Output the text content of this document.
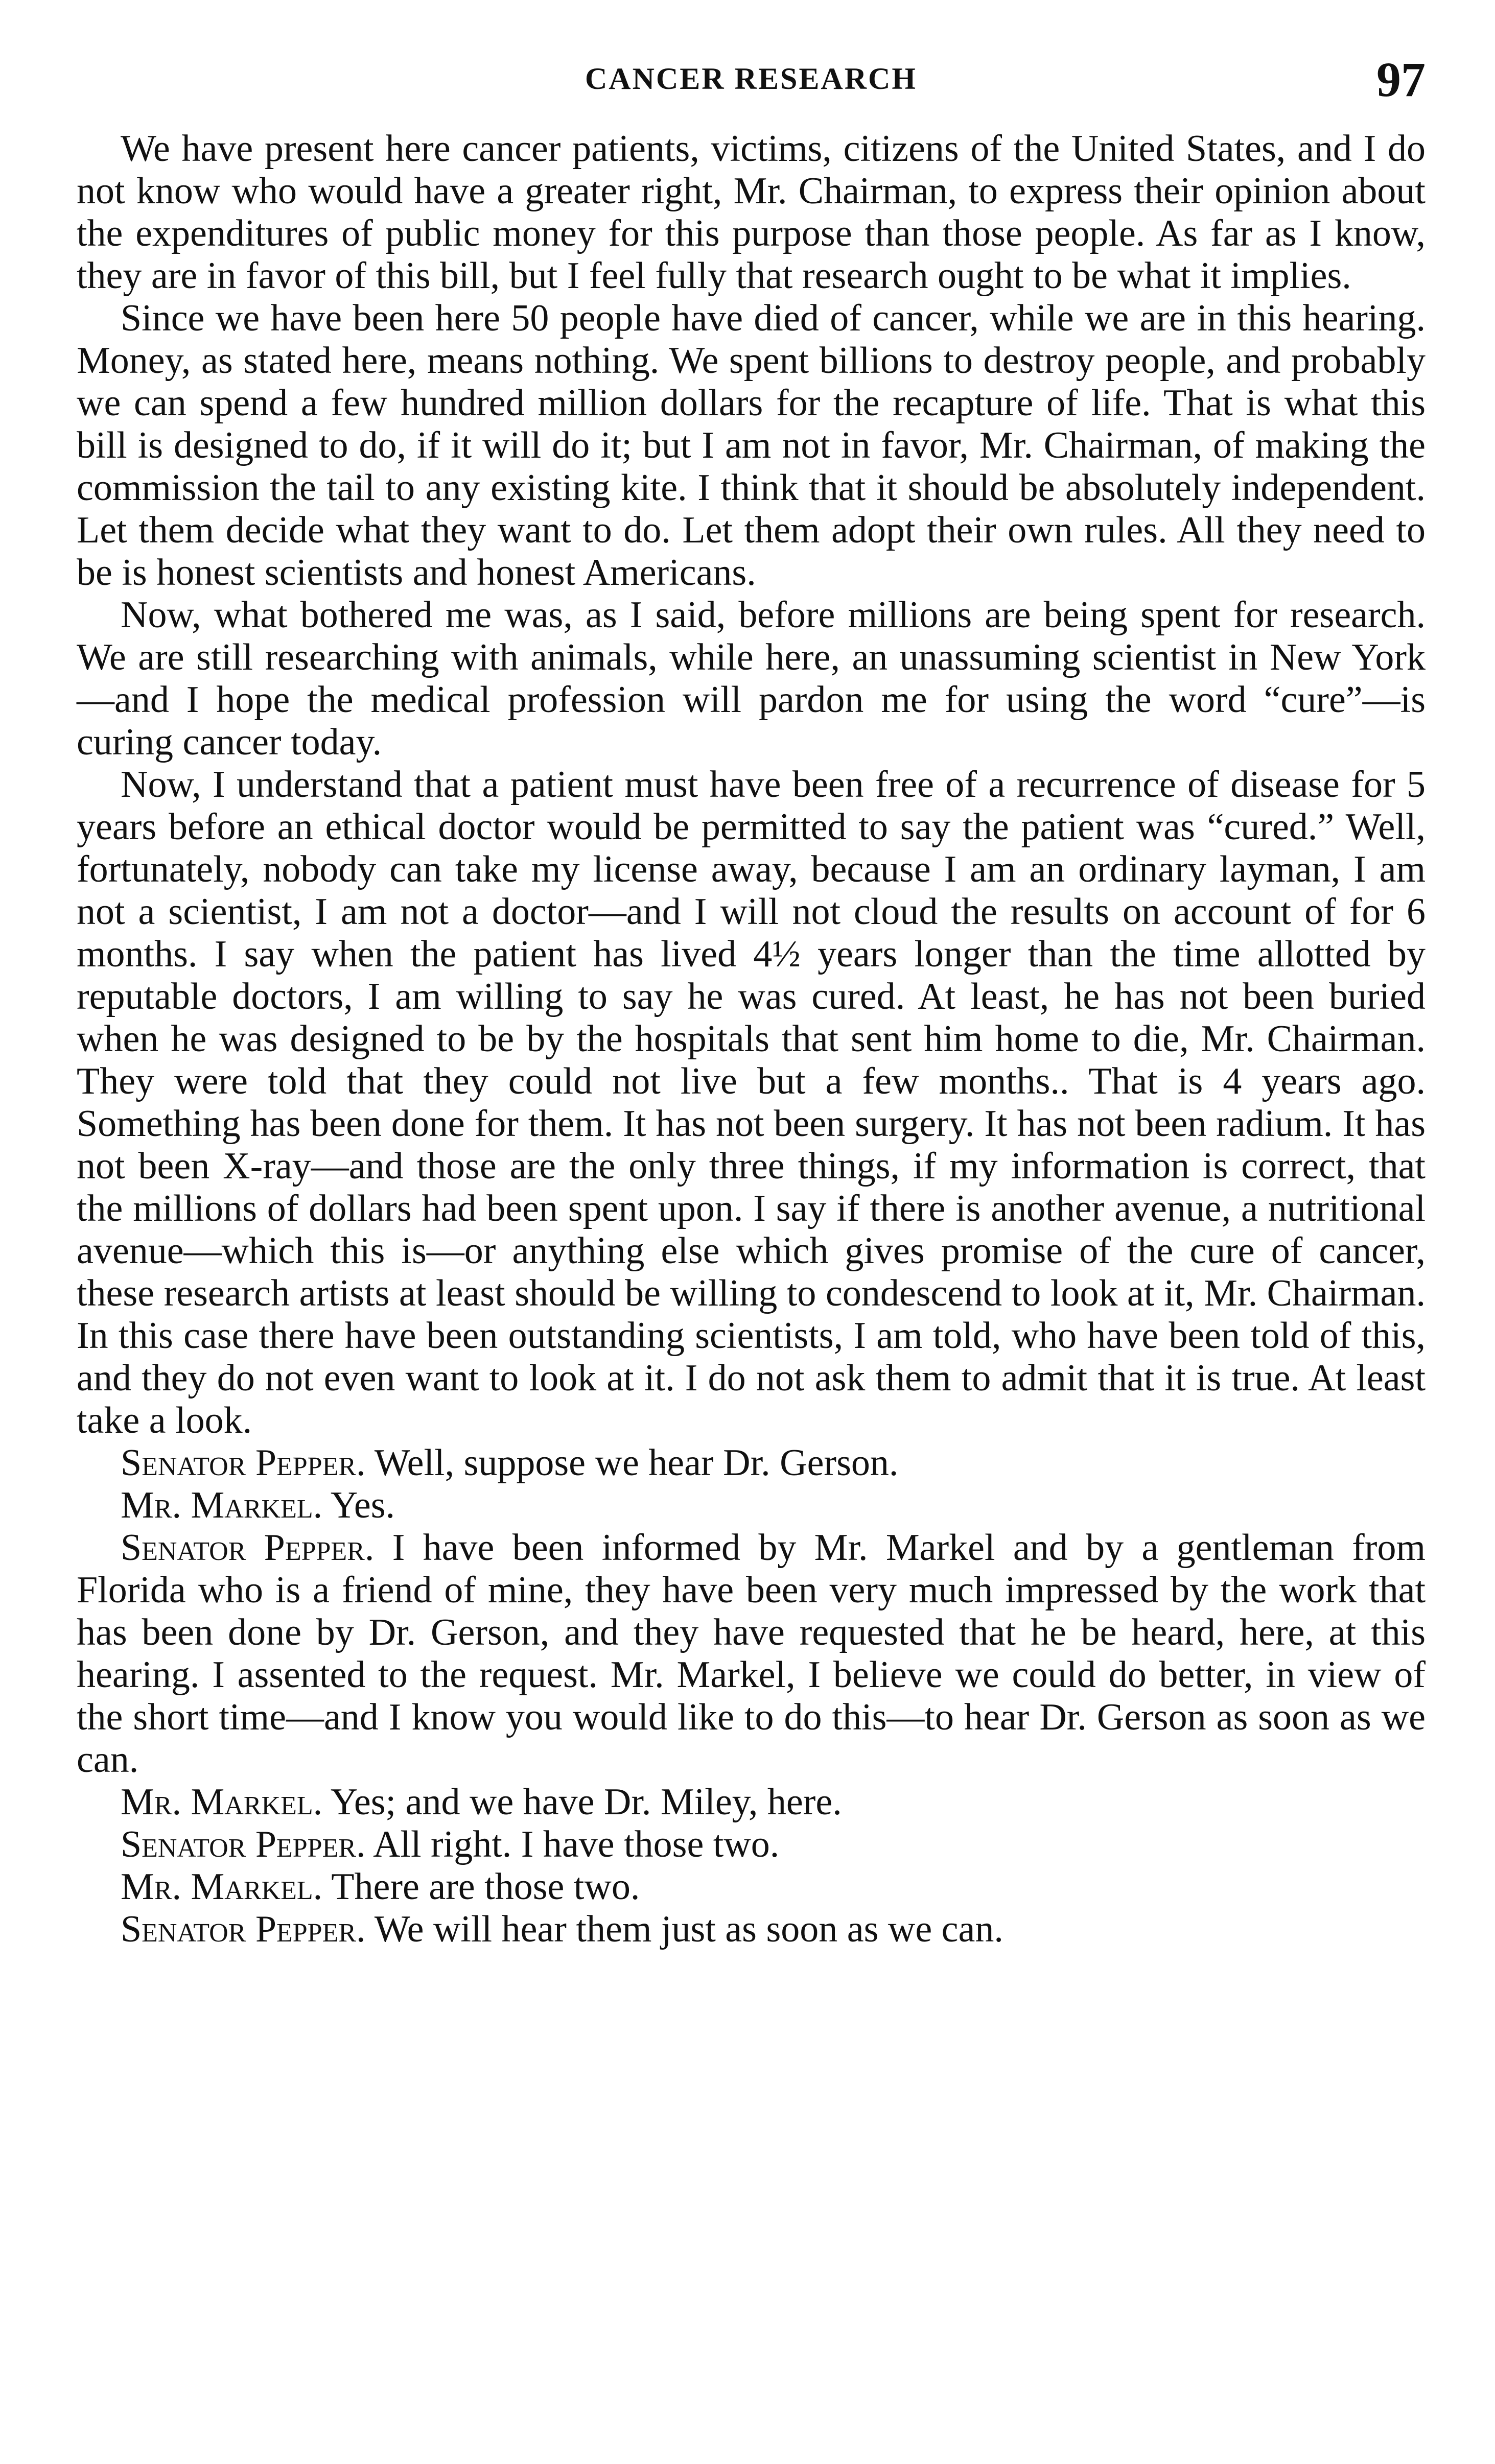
CANCER RESEARCH	97

We have present here cancer patients, victims, citizens of the United States, and I do not know who would have a greater right, Mr. Chairman, to express their opinion about the expenditures of public money for this purpose than those people. As far as I know, they are in favor of this bill, but I feel fully that research ought to be what it implies.

Since we have been here 50 people have died of cancer, while we are in this hearing. Money, as stated here, means nothing. We spent billions to destroy people, and probably we can spend a few hundred million dollars for the recapture of life. That is what this bill is designed to do, if it will do it; but I am not in favor, Mr. Chairman, of making the commission the tail to any existing kite. I think that it should be absolutely independent. Let them decide what they want to do. Let them adopt their own rules. All they need to be is honest scientists and honest Americans.

Now, what bothered me was, as I said, before millions are being spent for research. We are still researching with animals, while here, an unassuming scientist in New York—and I hope the medical profession will pardon me for using the word “cure”—is curing cancer today.

Now, I understand that a patient must have been free of a recurrence of disease for 5 years before an ethical doctor would be permitted to say the patient was “cured.” Well, fortunately, nobody can take my license away, because I am an ordinary layman, I am not a scientist, I am not a doctor—and I will not cloud the results on account of for 6 months. I say when the patient has lived 4½ years longer than the time allotted by reputable doctors, I am willing to say he was cured. At least, he has not been buried when he was designed to be by the hospitals that sent him home to die, Mr. Chairman. They were told that they could not live but a few months.. That is 4 years ago. Something has been done for them. It has not been surgery. It has not been radium. It has not been X-ray—and those are the only three things, if my information is correct, that the millions of dollars had been spent upon. I say if there is another avenue, a nutritional avenue—which this is—or anything else which gives promise of the cure of cancer, these research artists at least should be willing to condescend to look at it, Mr. Chairman. In this case there have been outstanding scientists, I am told, who have been told of this, and they do not even want to look at it. I do not ask them to admit that it is true. At least take a look.

Senator Pepper. Well, suppose we hear Dr. Gerson.

Mr. Markel. Yes.

Senator Pepper. I have been informed by Mr. Markel and by a gentleman from Florida who is a friend of mine, they have been very much impressed by the work that has been done by Dr. Gerson, and they have requested that he be heard, here, at this hearing. I assented to the request. Mr. Markel, I believe we could do better, in view of the short time—and I know you would like to do this—to hear Dr. Gerson as soon as we can.

Mr. Markel. Yes; and we have Dr. Miley, here.

Senator Pepper. All right. I have those two.

Mr. Markel. There are those two.

Senator Pepper. We will hear them just as soon as we can.
